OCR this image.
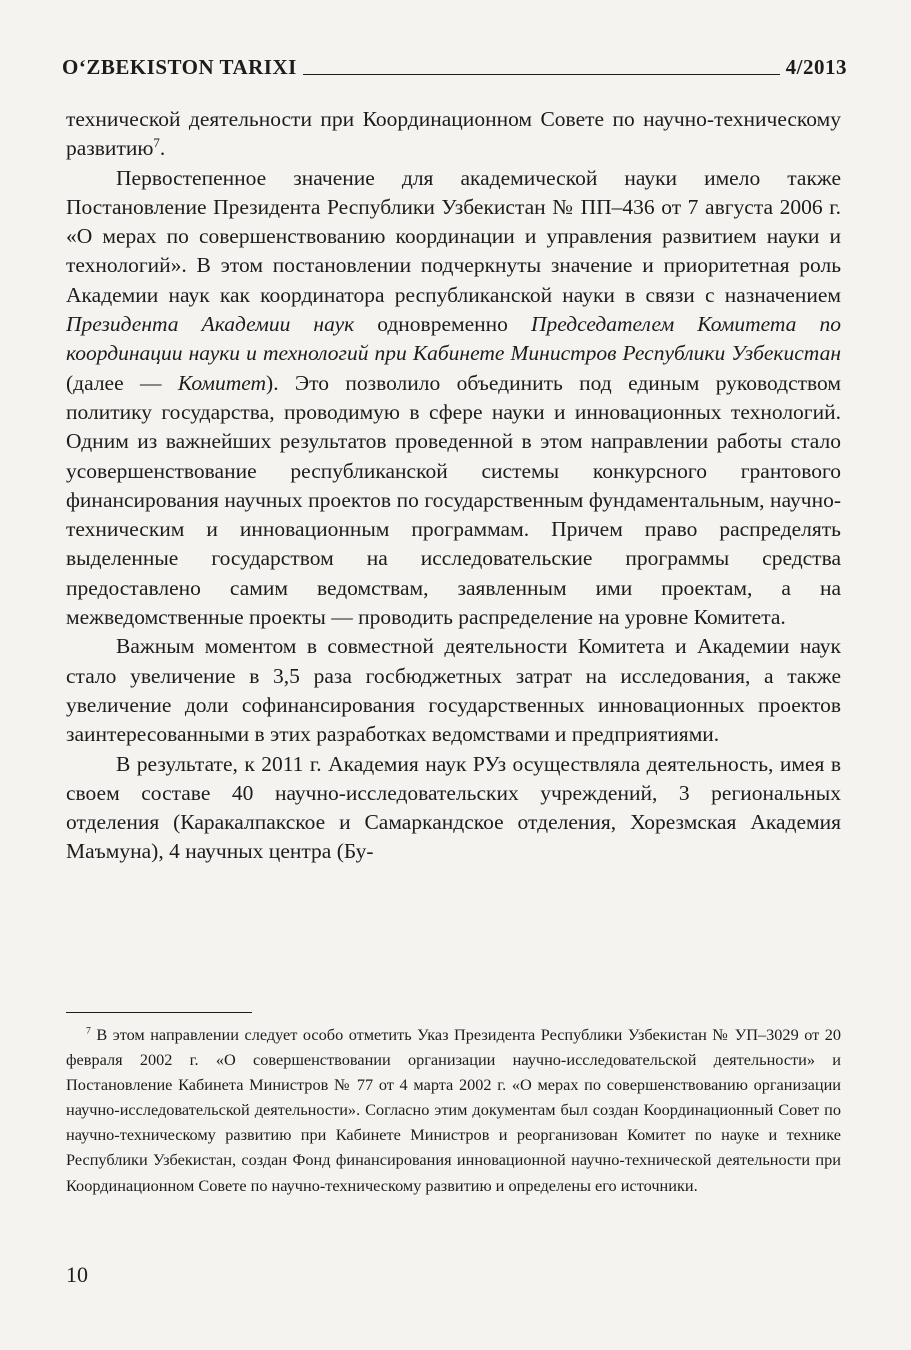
O‘ZBEKISTON TARIXI	4/2013

технической деятельности при Координационном Совете по научно-техническому развитию$^7$.

Первостепенное значение для академической науки имело также Постановление Президента Республики Узбекистан № ПП–436 от 7 августа 2006 г. «О мерах по совершенствованию координации и управления развитием науки и технологий». В этом постановлении подчеркнуты значение и приоритетная роль Академии наук как координатора республиканской науки в связи с назначением Президента Академии наук одновременно Председателем Комитета по координации науки и технологий при Кабинете Министров Республики Узбекистан (далее — Комитет). Это позволило объединить под единым руководством политику государства, проводимую в сфере науки и инновационных технологий. Одним из важнейших результатов проведенной в этом направлении работы стало усовершенствование республиканской системы конкурсного грантового финансирования научных проектов по государственным фундаментальным, научно-техническим и инновационным программам. Причем право распределять выделенные государством на исследовательские программы средства предоставлено самим ведомствам, заявленным ими проектам, а на межведомственные проекты — проводить распределение на уровне Комитета.

Важным моментом в совместной деятельности Комитета и Академии наук стало увеличение в 3,5 раза госбюджетных затрат на исследования, а также увеличение доли софинансирования государственных инновационных проектов заинтересованными в этих разработках ведомствами и предприятиями.

В результате, к 2011 г. Академия наук РУз осуществляла деятельность, имея в своем составе 40 научно-исследовательских учреждений, 3 региональных отделения (Каракалпакское и Самаркандское отделения, Хорезмская Академия Маъмуна), 4 научных центра (Бу-

$^7$ В этом направлении следует особо отметить Указ Президента Республики Узбекистан № УП–3029 от 20 февраля 2002 г. «О совершенствовании организации научно-исследовательской деятельности» и Постановление Кабинета Министров № 77 от 4 марта 2002 г. «О мерах по совершенствованию организации научно-исследовательской деятельности». Согласно этим документам был создан Координационный Совет по научно-техническому развитию при Кабинете Министров и реорганизован Комитет по науке и технике Республики Узбекистан, создан Фонд финансирования инновационной научно-технической деятельности при Координационном Совете по научно-техническому развитию и определены его источники.
10
